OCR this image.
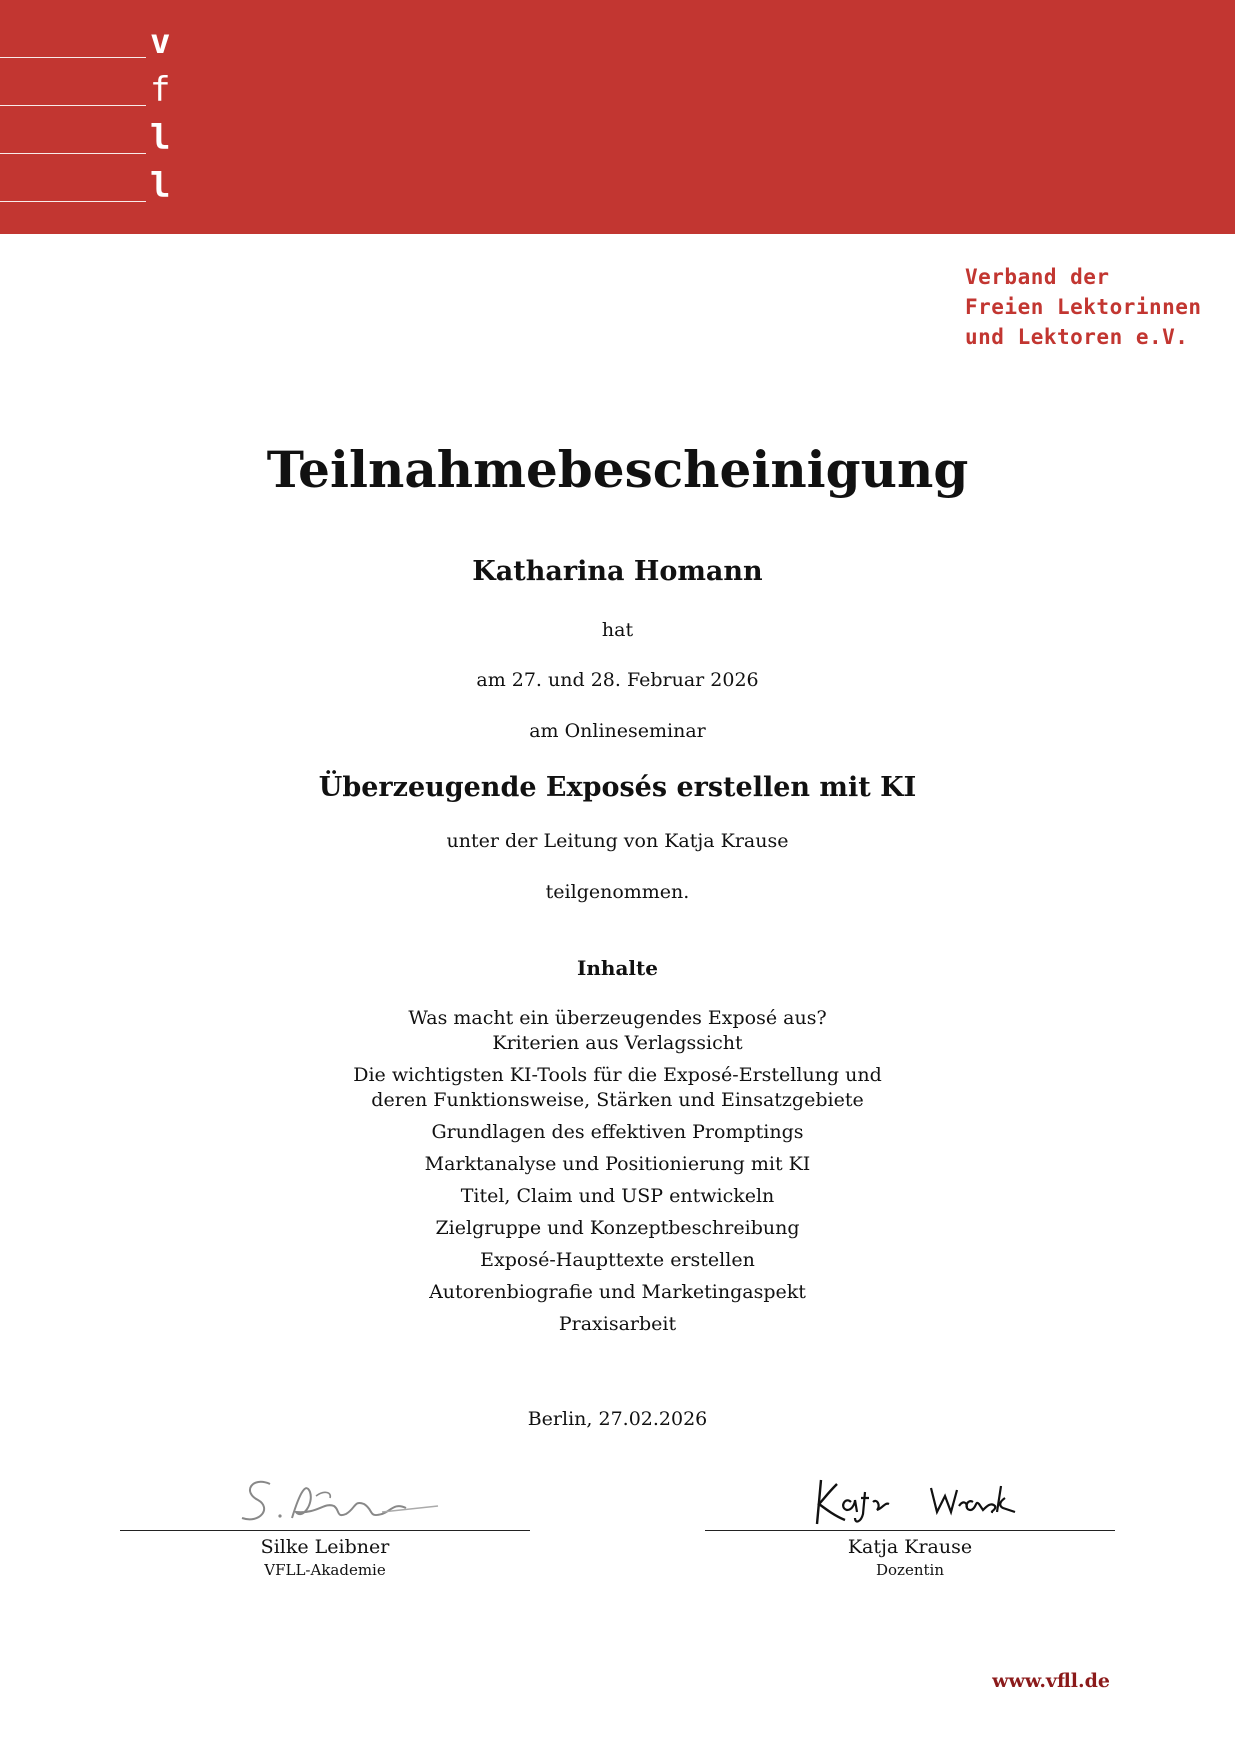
v
f
l
l
Verband der
Freien Lektorinnen
und Lektoren e.V.
Teilnahmebescheinigung
Katharina Homann
hat
am 27. und 28. Februar 2026
am Onlineseminar
Überzeugende Exposés erstellen mit KI
unter der Leitung von Katja Krause
teilgenommen.
Inhalte
Was macht ein überzeugendes Exposé aus?
Kriterien aus Verlagssicht
Die wichtigsten KI-Tools für die Exposé-Erstellung und
deren Funktionsweise, Stärken und Einsatzgebiete
Grundlagen des effektiven Promptings
Marktanalyse und Positionierung mit KI
Titel, Claim und USP entwickeln
Zielgruppe und Konzeptbeschreibung
Exposé-Haupttexte erstellen
Autorenbiografie und Marketingaspekt
Praxisarbeit
Berlin, 27.02.2026
Silke Leibner
VFLL-Akademie
Katja Krause
Dozentin
www.vfll.de
